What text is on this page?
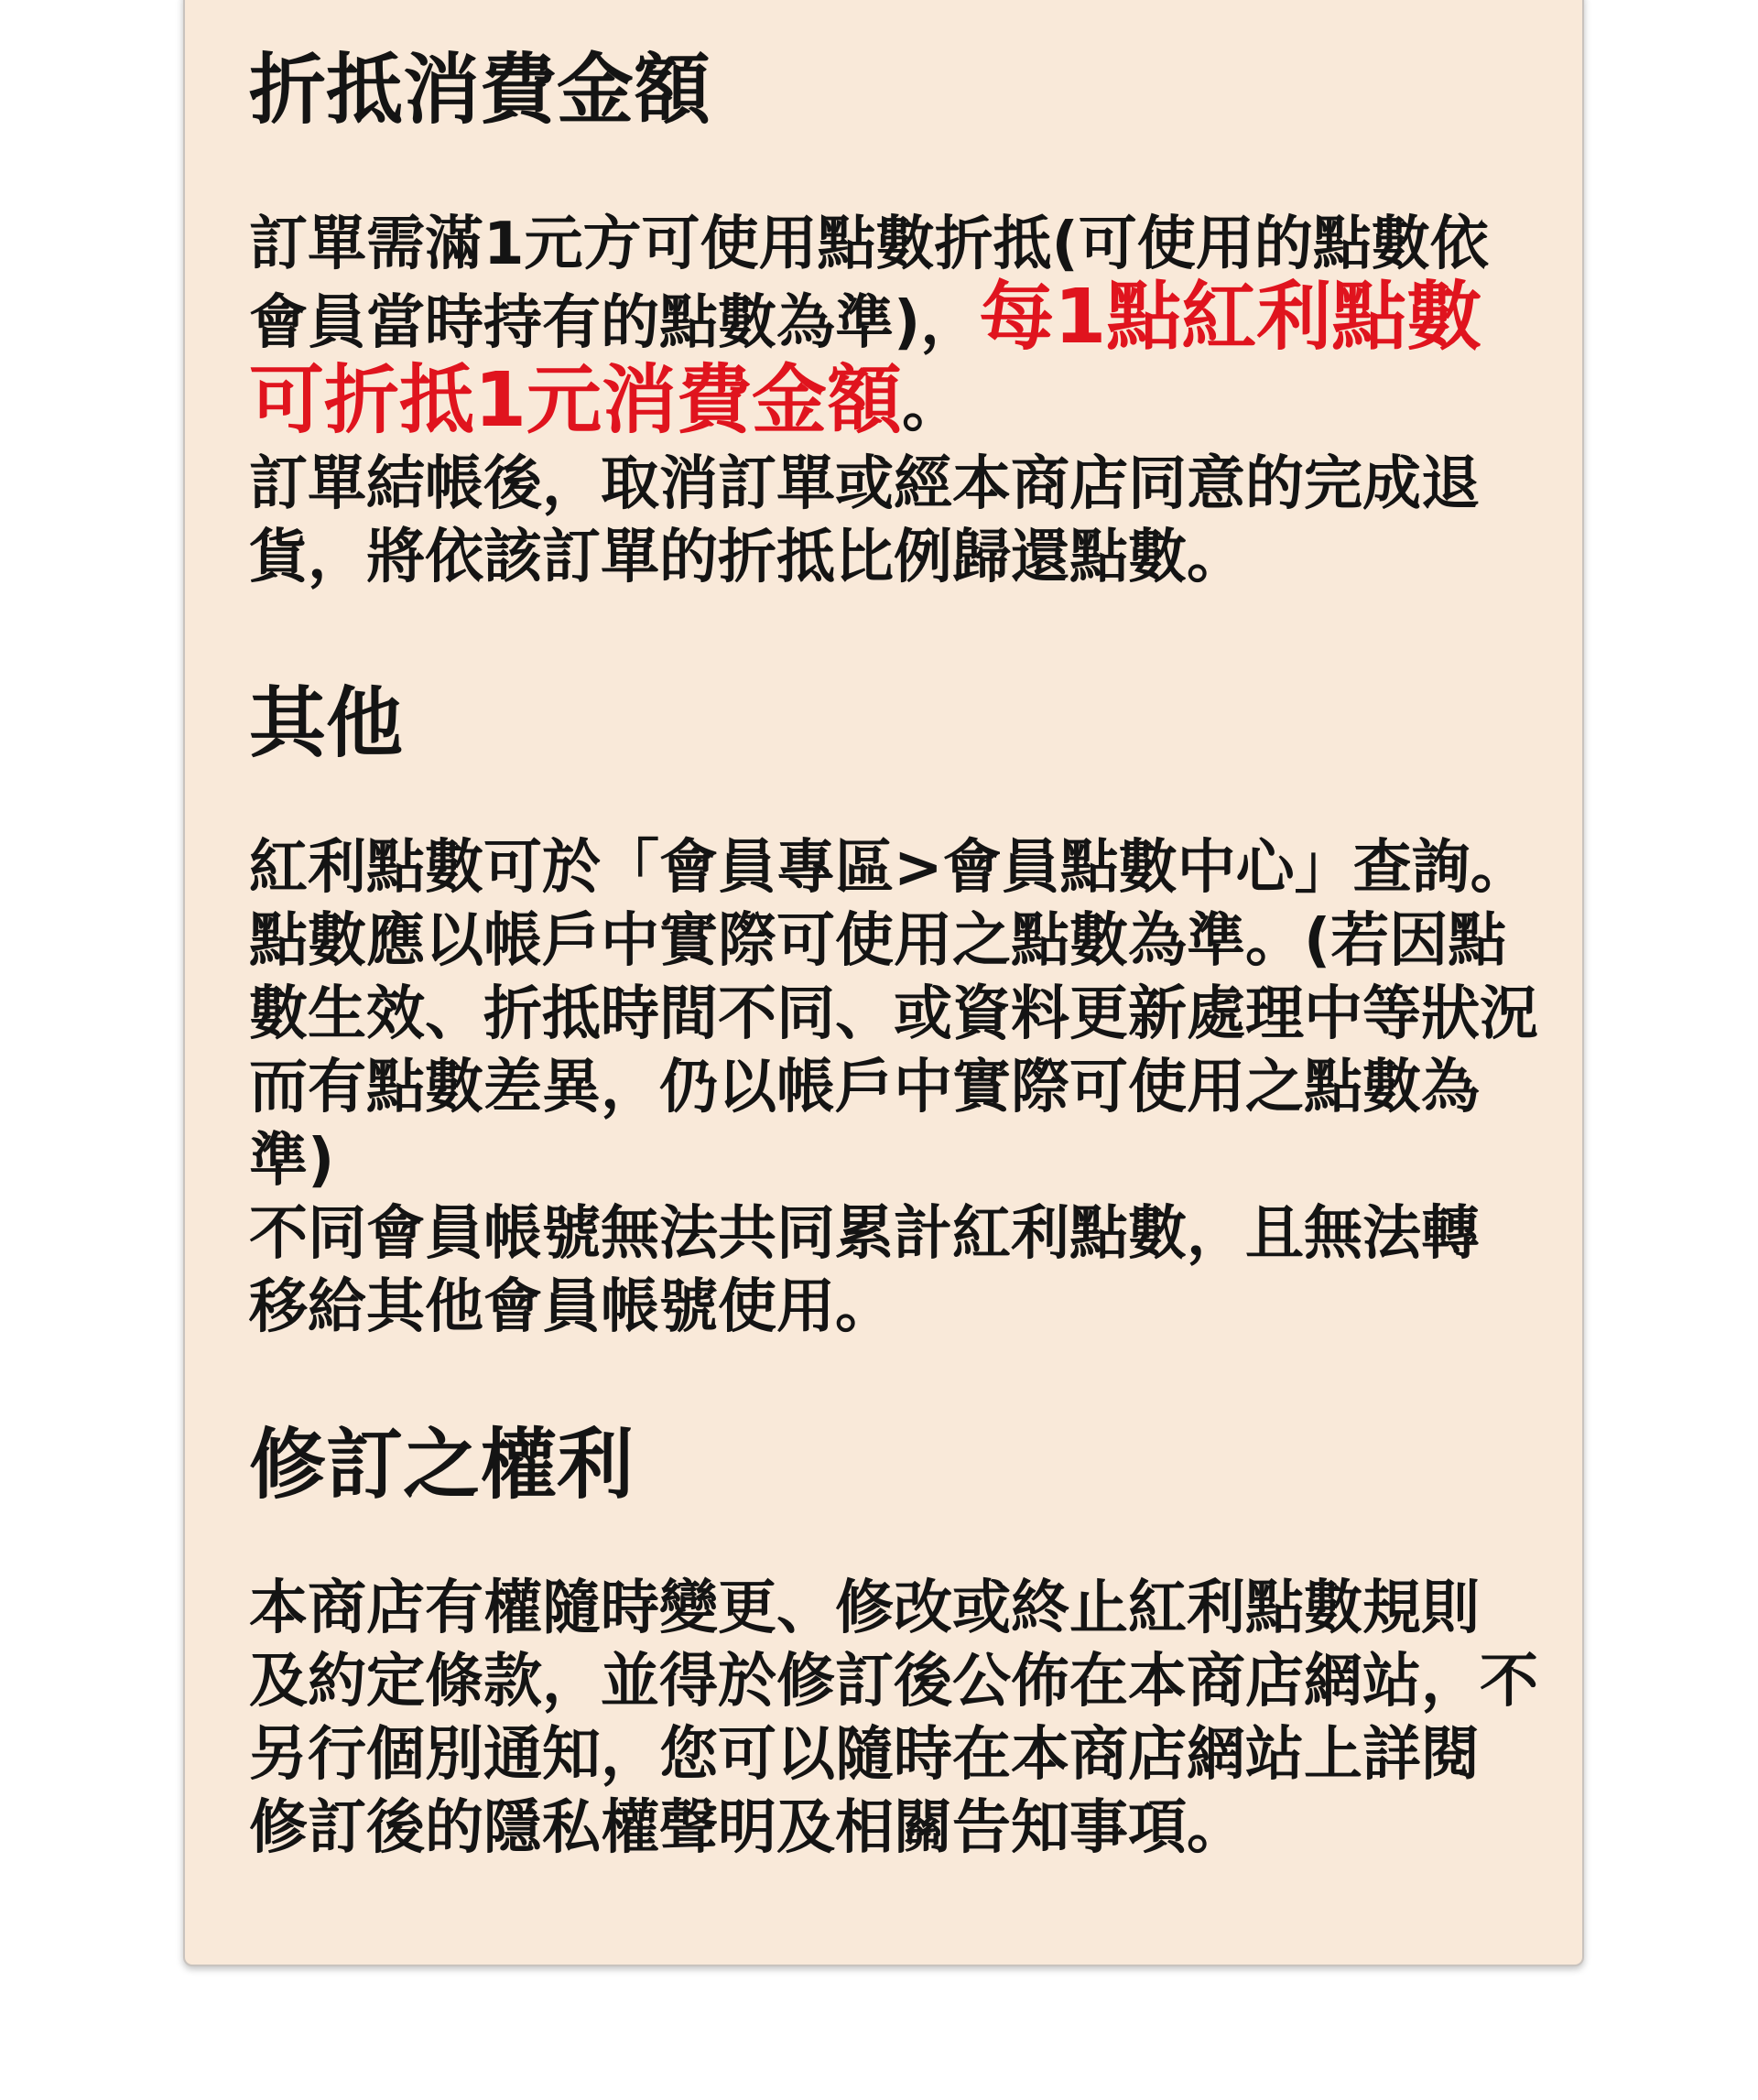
折抵消費金額
訂單需滿1元方可使用點數折抵(可使用的點數依
會員當時持有的點數為準)，每1點紅利點數
可折抵1元消費金額。
訂單結帳後，取消訂單或經本商店同意的完成退
貨，將依該訂單的折抵比例歸還點數。
其他
紅利點數可於「會員專區>會員點數中心」查詢。
點數應以帳戶中實際可使用之點數為準。(若因點
數生效、折抵時間不同、或資料更新處理中等狀況
而有點數差異，仍以帳戶中實際可使用之點數為
準)
不同會員帳號無法共同累計紅利點數，且無法轉
移給其他會員帳號使用。
修訂之權利
本商店有權隨時變更、修改或終止紅利點數規則
及約定條款，並得於修訂後公佈在本商店網站，不
另行個別通知，您可以隨時在本商店網站上詳閱
修訂後的隱私權聲明及相關告知事項。
